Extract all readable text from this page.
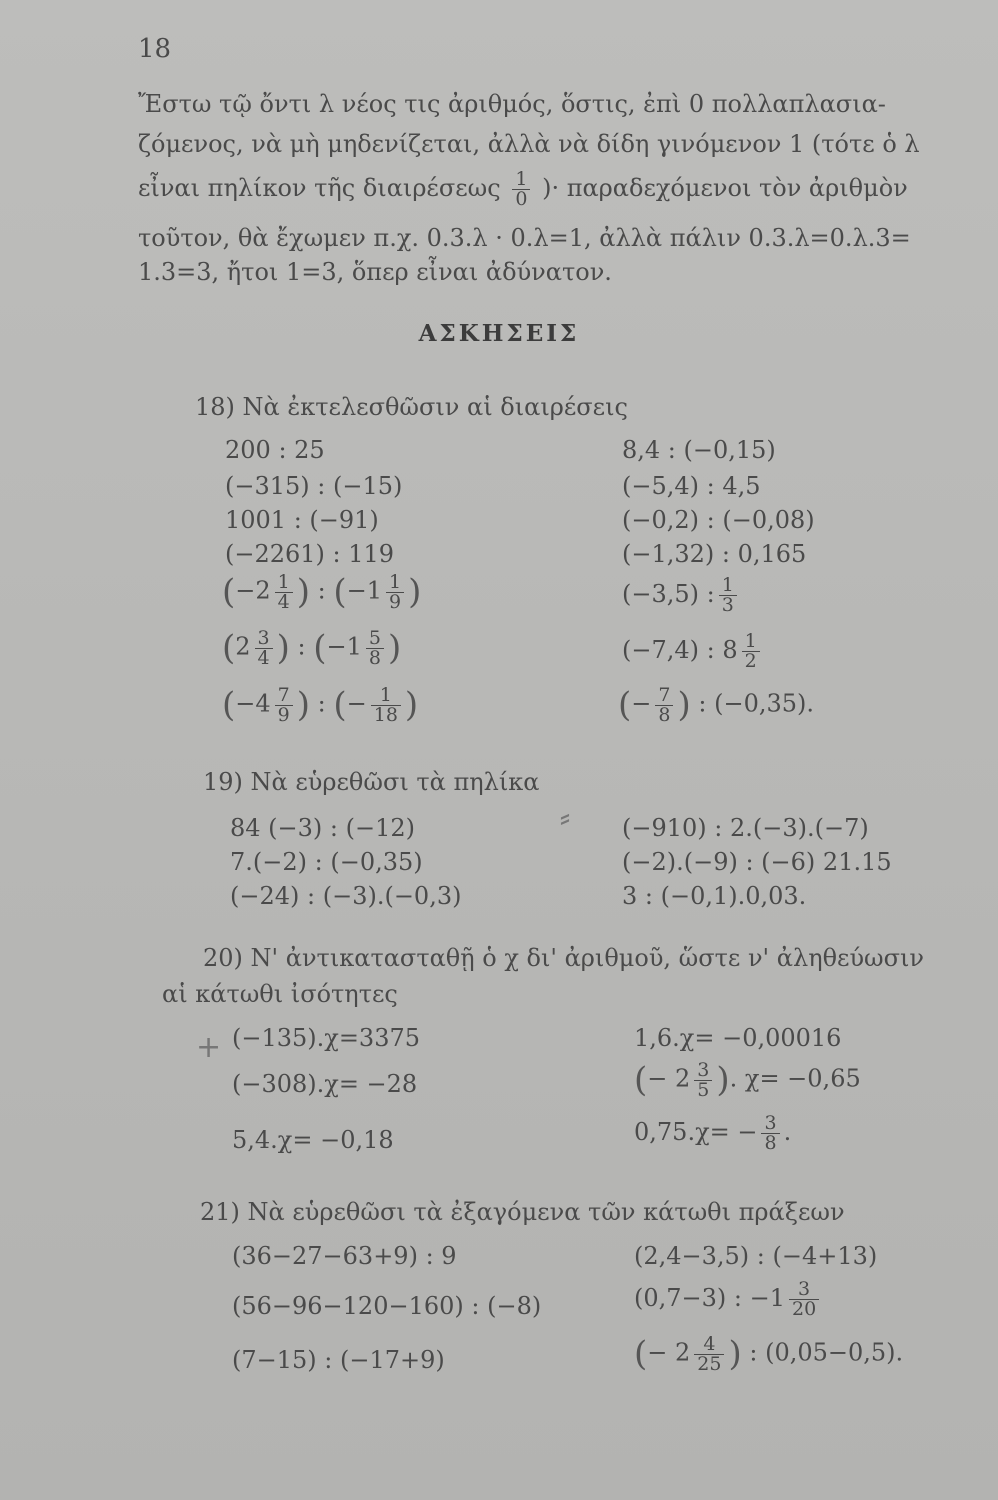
18
Ἔστω τῷ ὄντι λ νέος τις ἀριθμός, ὅστις, ἐπὶ 0 πολλαπλασια-
ζόμενος, νὰ μὴ μηδενίζεται, ἀλλὰ νὰ δίδη γινόμενον 1 (τότε ὁ λ
εἶναι πηλίκον τῆς διαιρέσεως $\frac{1}{0}$ )· παραδεχόμενοι τὸν ἀριθμὸν
τοῦτον, θὰ ἔχωμεν π.χ. 0.3.λ · 0.λ=1, ἀλλὰ πάλιν 0.3.λ=0.λ.3=
1.3=3, ἤτοι 1=3, ὅπερ εἶναι ἀδύνατον.
ΑΣΚΗΣΕΙΣ
18) Νὰ ἐκτελεσθῶσιν αἱ διαιρέσεις
200 : 25
(−315) : (−15)
1001 : (−91)
(−2261) : 119
($-2 \frac{1}{4}$ ) : ($-1 \frac{1}{9}$ )
($2 \frac{3}{4}$ ) : ($-1 \frac{5}{8}$ )
($-4 \frac{7}{9}$ ) : (− $\frac{1}{18}$ )
8,4 : (−0,15)
(−5,4) : 4,5
(−0,2) : (−0,08)
(−1,32) : 0,165
(−3,5) : $\frac{1}{3}$
(−7,4) : $8 \frac{1}{2}$
(− $\frac{7}{8}$ ) : (−0,35).
19) Νὰ εὑρεθῶσι τὰ πηλίκα
84 (−3) : (−12)
7.(−2) : (−0,35)
(−24) : (−3).(−0,3)
⸗ (−910) : 2.(−3).(−7)
(−2).(−9) : (−6) 21.15
3 : (−0,1).0,03.
20) Ν' ἀντικατασταθῇ ὁ χ δι' ἀριθμοῦ, ὥστε ν' ἀληθεύωσιν
αἱ κάτωθι ἰσότητες
+ (−135).χ=3375
(−308).χ= −28
5,4.χ= −0,18
1,6.χ= −0,00016
(− $2 \frac{3}{5}$ ). χ= −0,65
$0,75.\chi= - \frac{3}{8}$ .
21) Νὰ εὑρεθῶσι τὰ ἐξαγόμενα τῶν κάτωθι πράξεων
(36−27−63+9) : 9
(56−96−120−160) : (−8)
(7−15) : (−17+9)
(2,4−3,5) : (−4+13)
(0,7−3) : $-1 \frac{3}{20}$
(− $2 \frac{4}{25}$ ) : (0,05−0,5).
